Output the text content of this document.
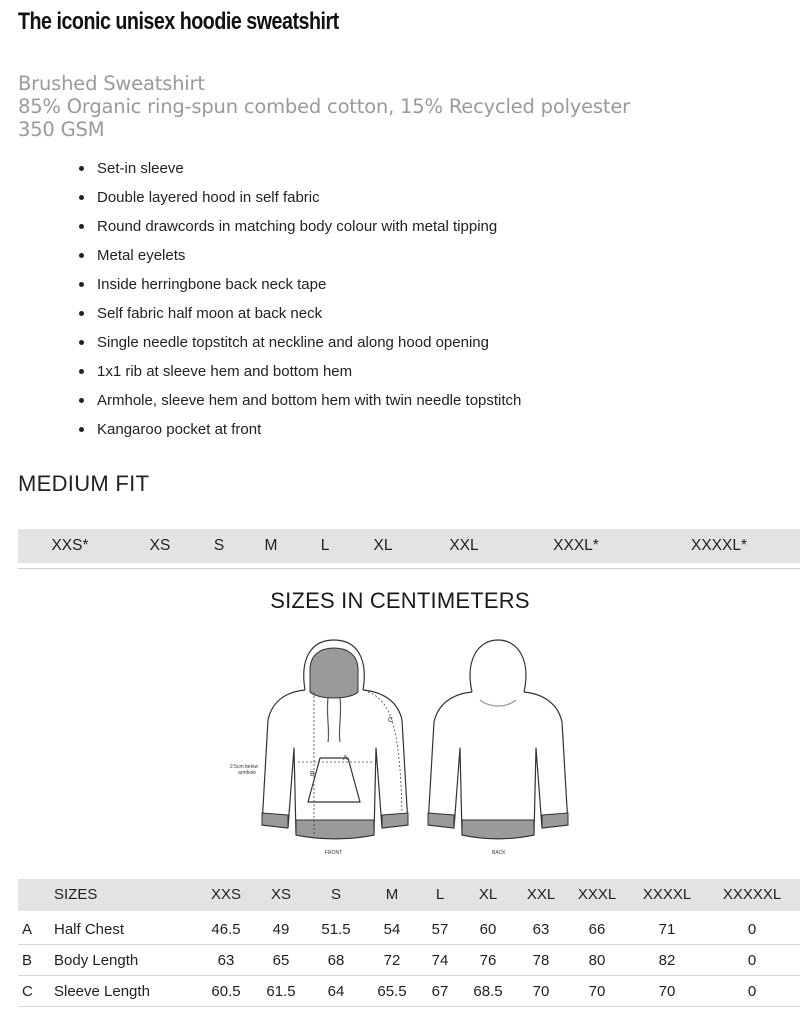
The iconic unisex hoodie sweatshirt
Brushed Sweatshirt
85% Organic ring-spun combed cotton, 15% Recycled polyester
350 GSM
Set-in sleeve
Double layered hood in self fabric
Round drawcords in matching body colour with metal tipping
Metal eyelets
Inside herringbone back neck tape
Self fabric half moon at back neck
Single needle topstitch at neckline and along hood opening
1x1 rib at sleeve hem and bottom hem
Armhole, sleeve hem and bottom hem with twin needle topstitch
Kangaroo pocket at front
MEDIUM FIT
XXS*	XS	S	M	L	XL	XXL	XXXL*	XXXXL*
SIZES IN CENTIMETERS
A
B
C
2.5cm below
armhole
FRONT	BACK
SIZES	XXS XS	S	M	L XL XXL XXXL XXXXL XXXXXL
A Half Chest	46.5 49 51.5 54 57 60 63	66	71	0
B Body Length	63	65	68	72 74 76 78	80	82	0
C Sleeve Length	60.5 61.5 64 65.5 67 68.5 70	70	70	0
